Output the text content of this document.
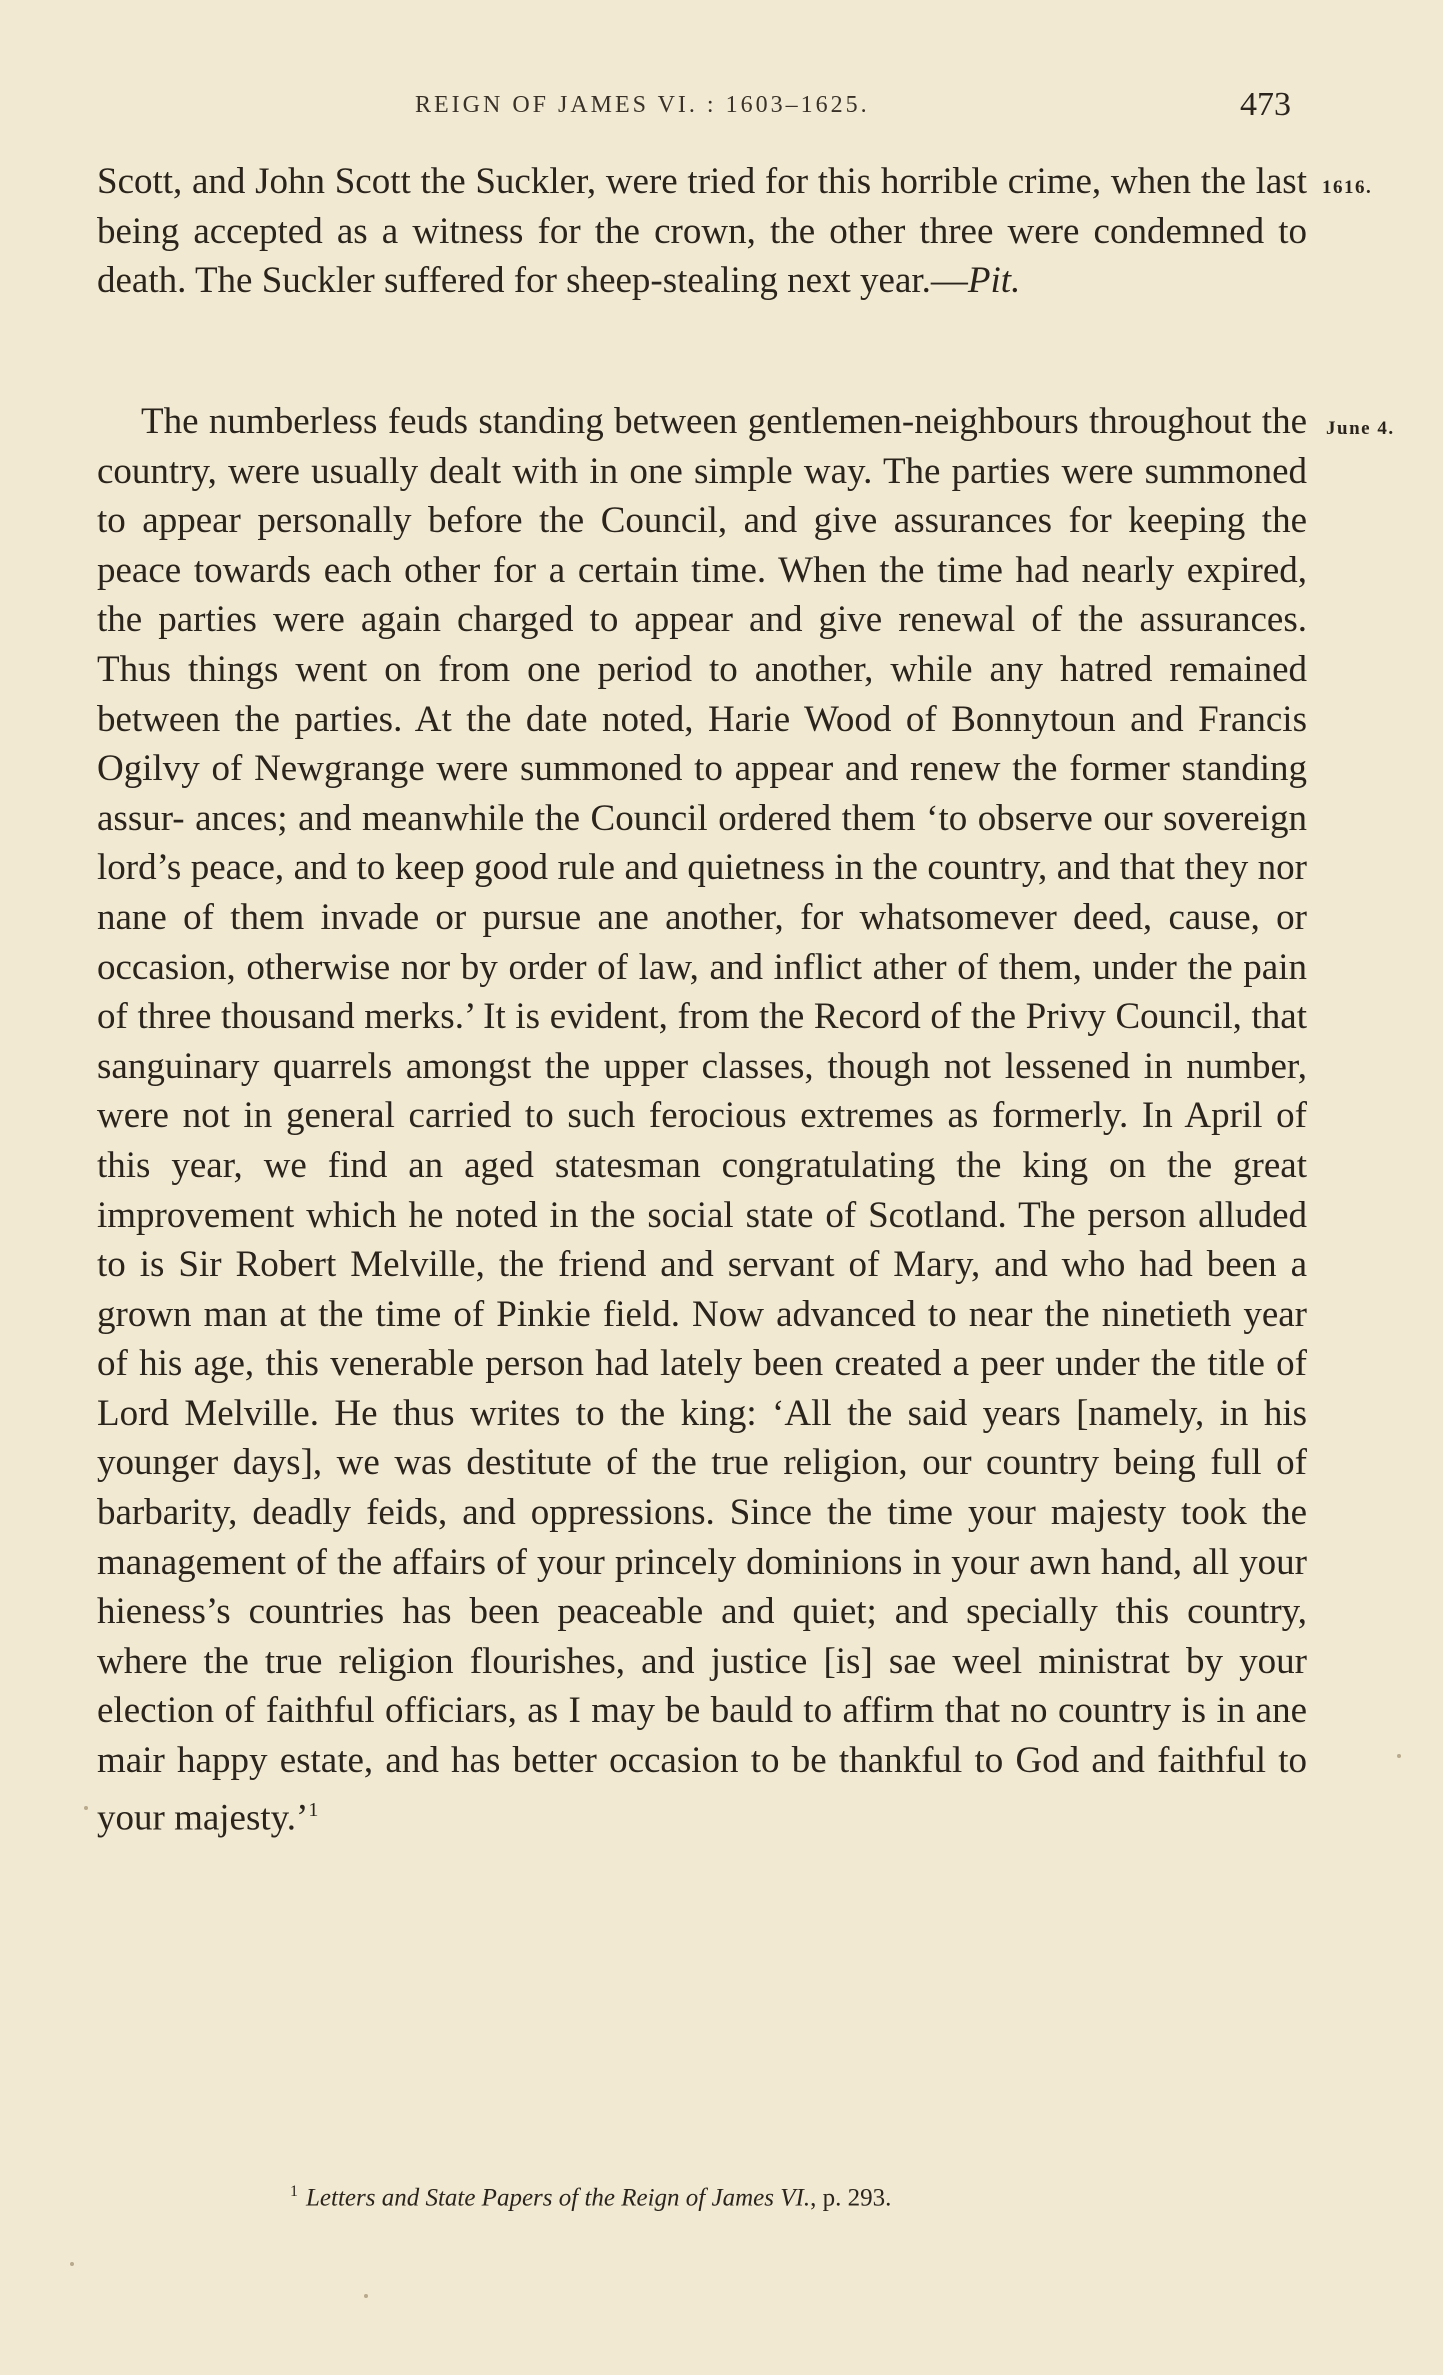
REIGN OF JAMES VI. : 1603–1625.	473
1616.
June 4.

Scott, and John Scott the Suckler, were tried for this horrible crime, when the last being accepted as a witness for the crown, the other three were condemned to death. The Suckler suffered for sheep-stealing next year.—Pit.

The numberless feuds standing between gentlemen-neighbours throughout the country, were usually dealt with in one simple way. The parties were summoned to appear personally before the Council, and give assurances for keeping the peace towards each other for a certain time. When the time had nearly expired, the parties were again charged to appear and give renewal of the assurances. Thus things went on from one period to another, while any hatred remained between the parties. At the date noted, Harie Wood of Bonnytoun and Francis Ogilvy of Newgrange were summoned to appear and renew the former standing assur- ances; and meanwhile the Council ordered them ‘to observe our sovereign lord’s peace, and to keep good rule and quietness in the country, and that they nor nane of them invade or pursue ane another, for whatsomever deed, cause, or occasion, otherwise nor by order of law, and inflict ather of them, under the pain of three thousand merks.’ It is evident, from the Record of the Privy Council, that sanguinary quarrels amongst the upper classes, though not lessened in number, were not in general carried to such ferocious extremes as formerly. In April of this year, we find an aged statesman congratulating the king on the great improvement which he noted in the social state of Scotland. The person alluded to is Sir Robert Melville, the friend and servant of Mary, and who had been a grown man at the time of Pinkie field. Now advanced to near the ninetieth year of his age, this venerable person had lately been created a peer under the title of Lord Melville. He thus writes to the king: ‘All the said years [namely, in his younger days], we was destitute of the true religion, our country being full of barbarity, deadly feids, and oppressions. Since the time your majesty took the management of the affairs of your princely dominions in your awn hand, all your hieness’s countries has been peaceable and quiet; and specially this country, where the true religion flourishes, and justice [is] sae weel ministrat by your election of faithful officiars, as I may be bauld to affirm that no country is in ane mair happy estate, and has better occasion to be thankful to God and faithful to your majesty.’$^1$

$^1$ Letters and State Papers of the Reign of James VI., p. 293.
